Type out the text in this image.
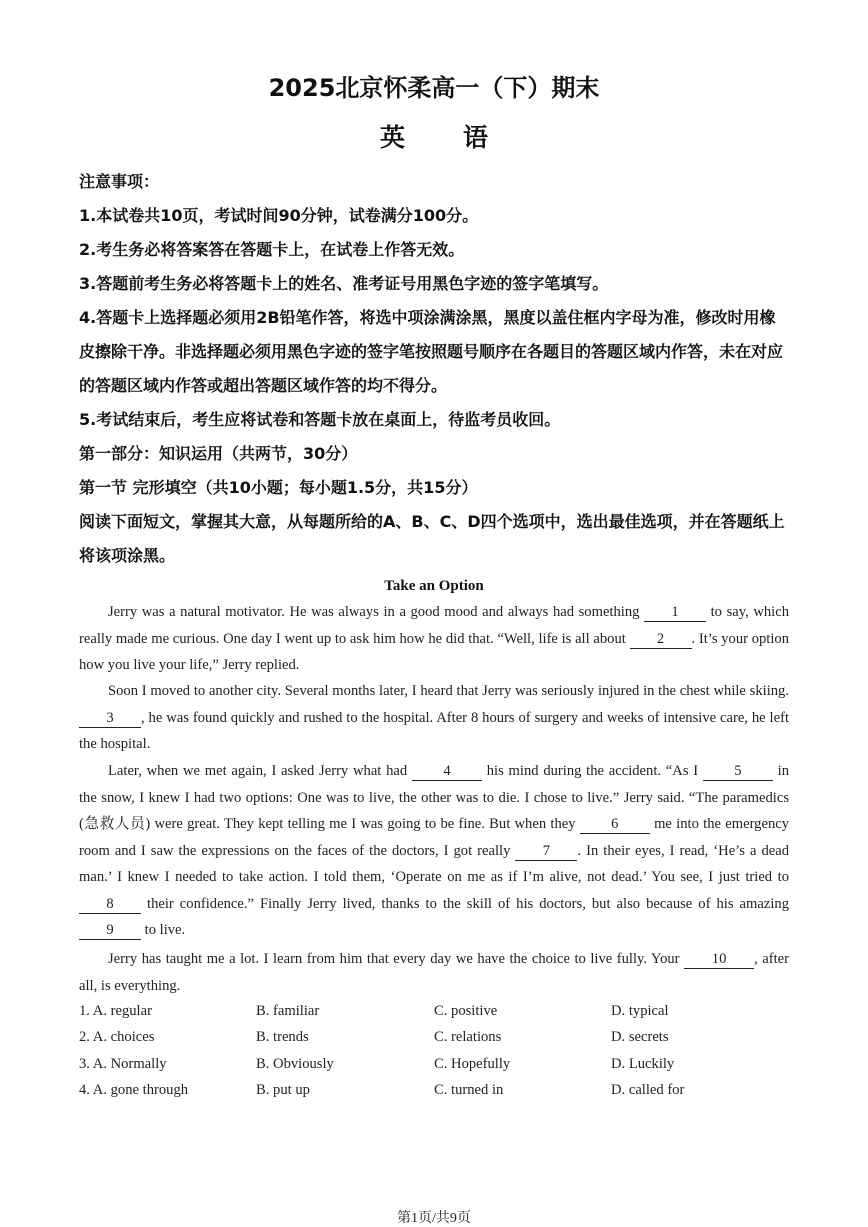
2025北京怀柔高一（下）期末
英语
注意事项：
1.本试卷共10页，考试时间90分钟，试卷满分100分。
2.考生务必将答案答在答题卡上，在试卷上作答无效。
3.答题前考生务必将答题卡上的姓名、准考证号用黑色字迹的签字笔填写。
4.答题卡上选择题必须用2B铅笔作答，将选中项涂满涂黑，黑度以盖住框内字母为准，修改时用橡皮擦除干净。非选择题必须用黑色字迹的签字笔按照题号顺序在各题目的答题区域内作答，未在对应的答题区域内作答或超出答题区域作答的均不得分。
5.考试结束后，考生应将试卷和答题卡放在桌面上，待监考员收回。
第一部分：知识运用（共两节，30分）
第一节 完形填空（共10小题；每小题1.5分，共15分）
阅读下面短文，掌握其大意，从每题所给的A、B、C、D四个选项中，选出最佳选项，并在答题纸上将该项涂黑。
Take an Option
Jerry was a natural motivator. He was always in a good mood and always had something 1 to say, which really made me curious. One day I went up to ask him how he did that. “Well, life is all about 2 . It’s your option how you live your life,” Jerry replied.
Soon I moved to another city. Several months later, I heard that Jerry was seriously injured in the chest while skiing. 3 , he was found quickly and rushed to the hospital. After 8 hours of surgery and weeks of intensive care, he left the hospital.
Later, when we met again, I asked Jerry what had 4 his mind during the accident. “As I 5 in the snow, I knew I had two options: One was to live, the other was to die. I chose to live.” Jerry said. “The paramedics (急救人员) were great. They kept telling me I was going to be fine. But when they 6 me into the emergency room and I saw the expressions on the faces of the doctors, I got really 7 . In their eyes, I read, ‘He’s a dead man.’ I knew I needed to take action. I told them, ‘Operate on me as if I’m alive, not dead.’ You see, I just tried to 8 their confidence.” Finally Jerry lived, thanks to the skill of his doctors, but also because of his amazing 9 to live.
Jerry has taught me a lot. I learn from him that every day we have the choice to live fully. Your 10 , after all, is everything.
1. A. regular	B. familiar	C. positive	D. typical
2. A. choices	B. trends	C. relations	D. secrets
3. A. Normally	B. Obviously	C. Hopefully	D. Luckily
4. A. gone through	B. put up	C. turned in	D. called for
第1页/共9页
